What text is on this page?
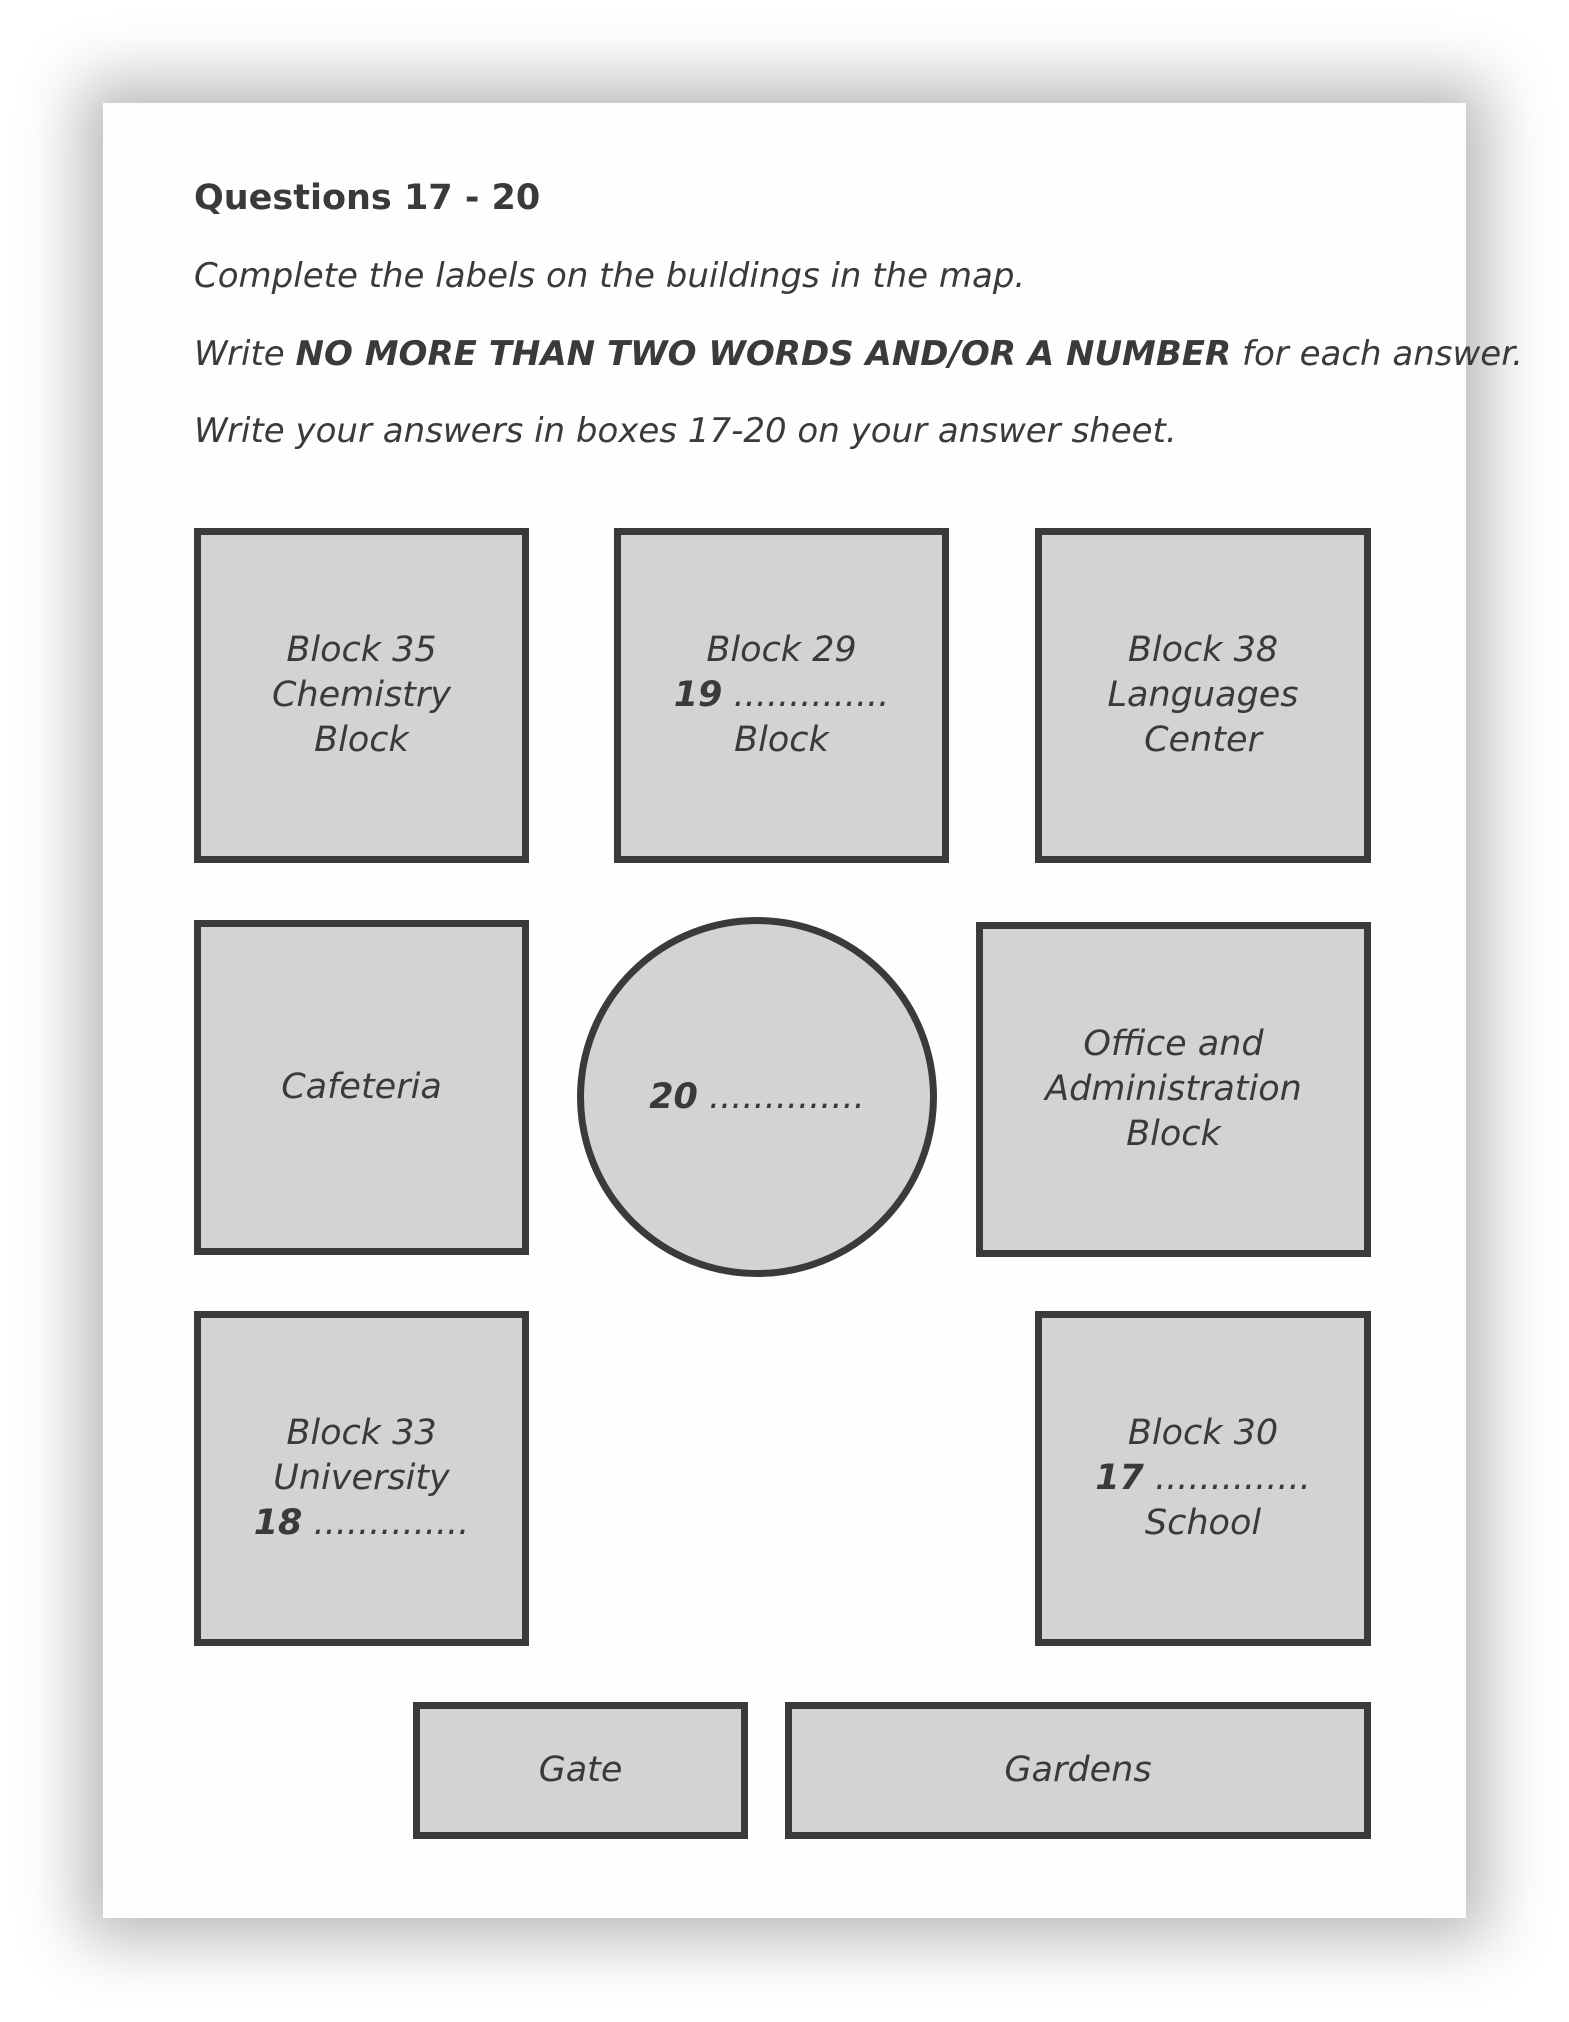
Questions 17 - 20

Complete the labels on the buildings in the map.

Write NO MORE THAN TWO WORDS AND/OR A NUMBER for each answer.

Write your answers in boxes 17-20 on your answer sheet.

Block 35
Chemistry
Block
Block 29
19 ..............
Block
Block 38
Languages
Center
Cafeteria	20 ..............
Office and
Administration
Block
Block 33
University
18 ..............
Block 30
17 ..............
School
Gate	Gardens
